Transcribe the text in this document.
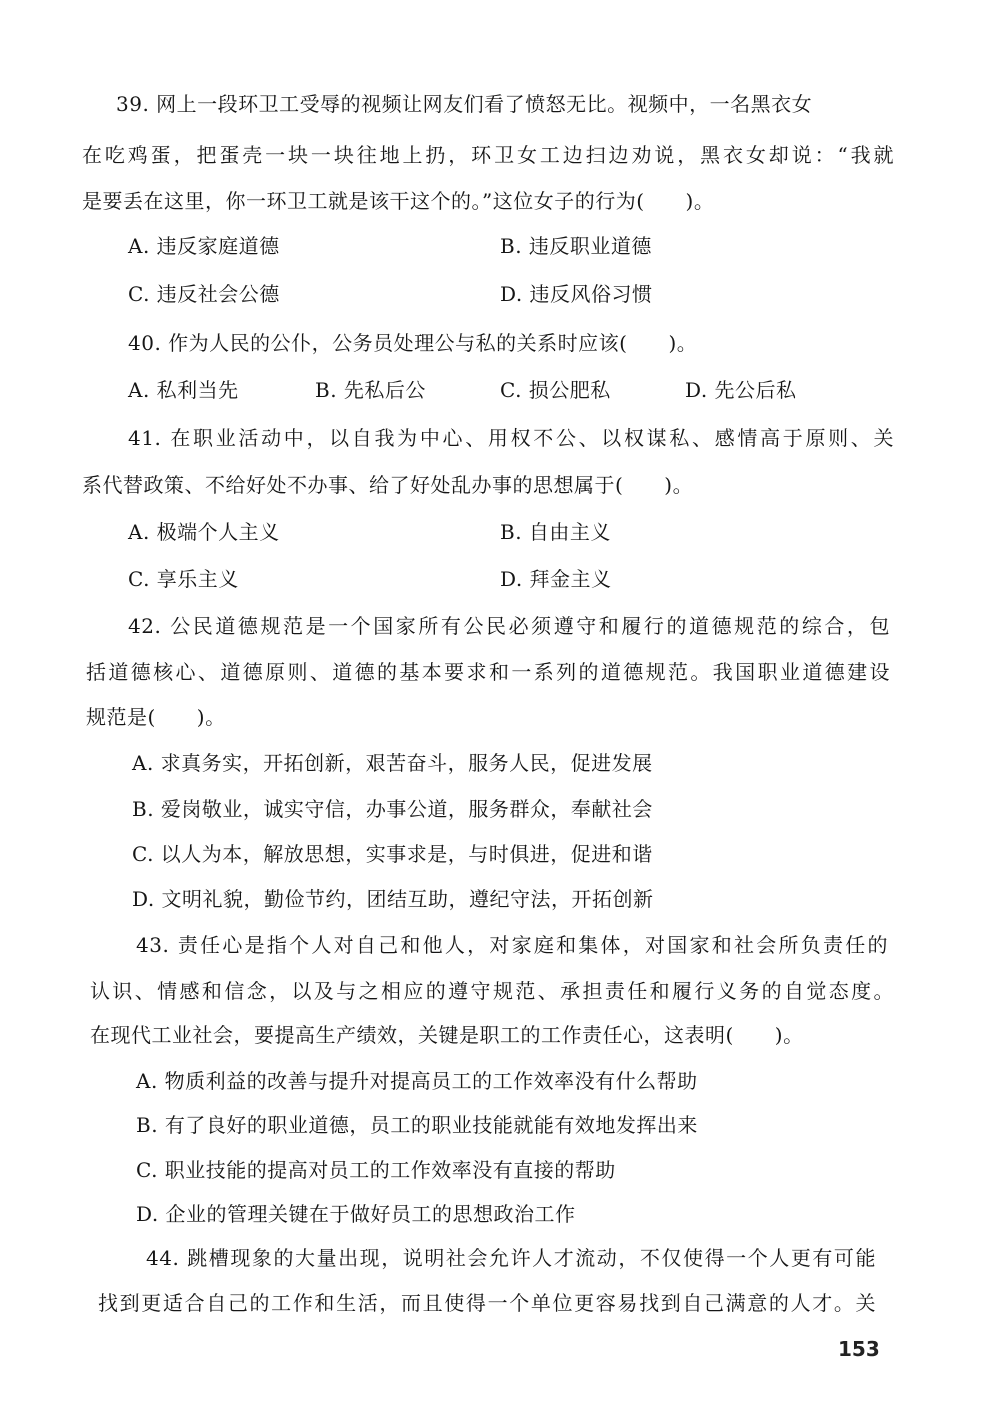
39. 网上一段环卫工受辱的视频让网友们看了愤怒无比。视频中，一名黑衣女
在吃鸡蛋，把蛋壳一块一块往地上扔，环卫女工边扫边劝说，黑衣女却说：“我就
是要丢在这里，你一环卫工就是该干这个的。”这位女子的行为(　　)。
A. 违反家庭道德	B. 违反职业道德
C. 违反社会公德	D. 违反风俗习惯
40. 作为人民的公仆，公务员处理公与私的关系时应该(　　)。
A. 私利当先	B. 先私后公	C. 损公肥私	D. 先公后私
41. 在职业活动中，以自我为中心、用权不公、以权谋私、感情高于原则、关
系代替政策、不给好处不办事、给了好处乱办事的思想属于(　　)。
A. 极端个人主义	B. 自由主义
C. 享乐主义	D. 拜金主义
42. 公民道德规范是一个国家所有公民必须遵守和履行的道德规范的综合，包
括道德核心、道德原则、道德的基本要求和一系列的道德规范。我国职业道德建设
规范是(　　)。
A. 求真务实，开拓创新，艰苦奋斗，服务人民，促进发展
B. 爱岗敬业，诚实守信，办事公道，服务群众，奉献社会
C. 以人为本，解放思想，实事求是，与时俱进，促进和谐
D. 文明礼貌，勤俭节约，团结互助，遵纪守法，开拓创新
43. 责任心是指个人对自己和他人，对家庭和集体，对国家和社会所负责任的
认识、情感和信念，以及与之相应的遵守规范、承担责任和履行义务的自觉态度。
在现代工业社会，要提高生产绩效，关键是职工的工作责任心，这表明(　　)。
A. 物质利益的改善与提升对提高员工的工作效率没有什么帮助
B. 有了良好的职业道德，员工的职业技能就能有效地发挥出来
C. 职业技能的提高对员工的工作效率没有直接的帮助
D. 企业的管理关键在于做好员工的思想政治工作
44. 跳槽现象的大量出现，说明社会允许人才流动，不仅使得一个人更有可能
找到更适合自己的工作和生活，而且使得一个单位更容易找到自己满意的人才。关
153
